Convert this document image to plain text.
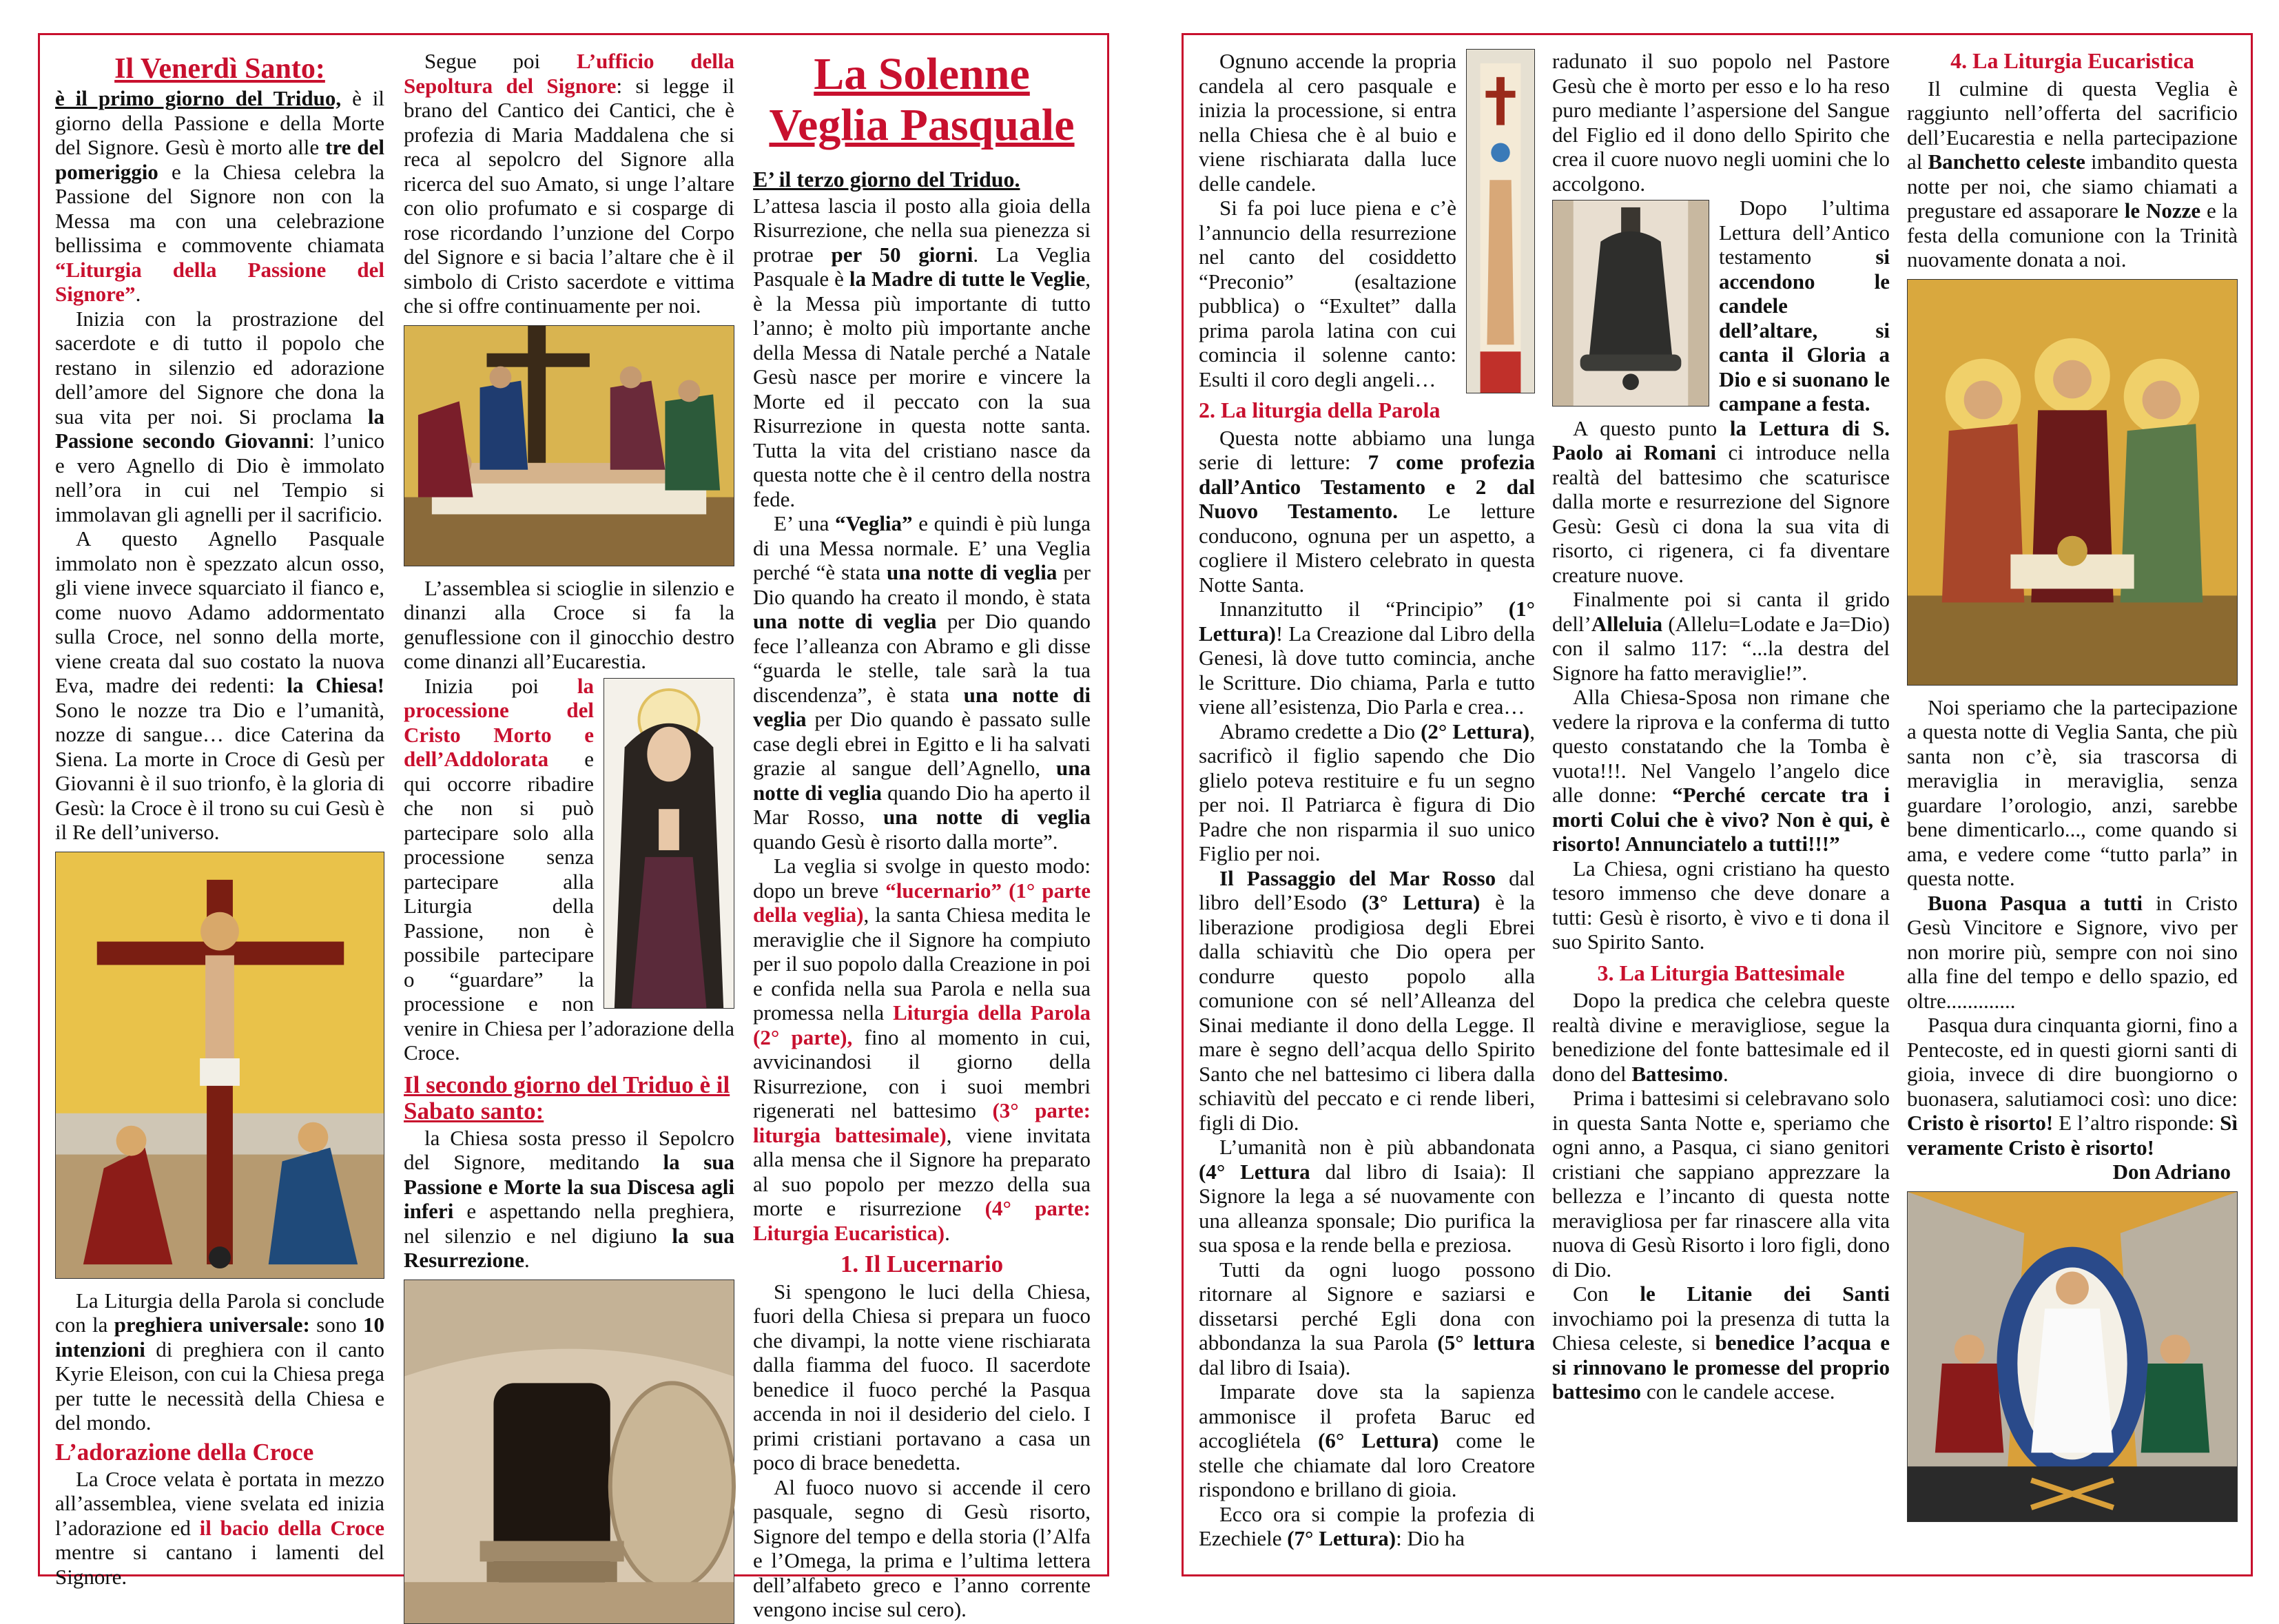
Il Venerdì Santo:

è il primo giorno del Triduo, è il giorno della Passione e della Morte del Signore. Gesù è morto alle tre del pomeriggio e la Chiesa celebra la Passione del Signore non con la Messa ma con una celebrazione bellissima e commovente chiamata “Liturgia della Passione del Signore”.

Inizia con la prostrazione del sacerdote e di tutto il popolo che restano in silenzio ed adorazione dell’amore del Signore che dona la sua vita per noi. Si proclama la Passione secondo Giovanni: l’unico e vero Agnello di Dio è immolato nell’ora in cui nel Tempio si immolavan gli agnelli per il sacrificio.

A questo Agnello Pasquale immolato non è spezzato alcun osso, gli viene invece squarciato il fianco e, come nuovo Adamo addormentato sulla Croce, nel sonno della morte, viene creata dal suo costato la nuova Eva, madre dei redenti: la Chiesa! Sono le nozze tra Dio e l’umanità, nozze di sangue… dice Caterina da Siena. La morte in Croce di Gesù per Giovanni è il suo trionfo, è la gloria di Gesù: la Croce è il trono su cui Gesù è il Re dell’universo.

La Liturgia della Parola si conclude con la preghiera universale: sono 10 intenzioni di preghiera con il canto Kyrie Eleison, con cui la Chiesa prega per tutte le necessità della Chiesa e del mondo.

L’adorazione della Croce

La Croce velata è portata in mezzo all’assemblea, viene svelata ed inizia l’adorazione ed il bacio della Croce mentre si cantano i lamenti del Signore.

Segue poi L’ufficio della Sepoltura del Signore: si legge il brano del Cantico dei Cantici, che è profezia di Maria Maddalena che si reca al sepolcro del Signore alla ricerca del suo Amato, si unge l’altare con olio profumato e si cosparge di rose ricordando l’unzione del Corpo del Signore e si bacia l’altare che è il simbolo di Cristo sacerdote e vittima che si offre continuamente per noi.

L’assemblea si scioglie in silenzio e dinanzi alla Croce si fa la genuflessione con il ginocchio destro come dinanzi all’Eucarestia.

Inizia poi la processione del Cristo Morto e dell’Addolorata e qui occorre ribadire che non si può partecipare solo alla processione senza partecipare alla Liturgia della Passione, non è possibile partecipare o “guardare” la processione e non venire in Chiesa per l’adorazione della Croce.

Il secondo giorno del Triduo è il Sabato santo:

la Chiesa sosta presso il Sepolcro del Signore, meditando la sua Passione e Morte la sua Discesa agli inferi e aspettando nella preghiera, nel silenzio e nel digiuno la sua Resurrezione.

La Solenne
Veglia Pasquale
E’ il terzo giorno del Triduo.

L’attesa lascia il posto alla gioia della Risurrezione, che nella sua pienezza si protrae per 50 giorni. La Veglia Pasquale è la Madre di tutte le Veglie, è la Messa più importante di tutto l’anno; è molto più importante anche della Messa di Natale perché a Natale Gesù nasce per morire e vincere la Morte ed il peccato con la sua Risurrezione in questa notte santa. Tutta la vita del cristiano nasce da questa notte che è il centro della nostra fede.

E’ una “Veglia” e quindi è più lunga di una Messa normale. E’ una Veglia perché “è stata una notte di veglia per Dio quando ha creato il mondo, è stata una notte di veglia per Dio quando fece l’alleanza con Abramo e gli disse “guarda le stelle, tale sarà la tua discendenza”, è stata una notte di veglia per Dio quando è passato sulle case degli ebrei in Egitto e li ha salvati grazie al sangue dell’Agnello, una notte di veglia quando Dio ha aperto il Mar Rosso, una notte di veglia quando Gesù è risorto dalla morte”.

La veglia si svolge in questo modo: dopo un breve “lucernario” (1° parte della veglia), la santa Chiesa medita le meraviglie che il Signore ha compiuto per il suo popolo dalla Creazione in poi e confida nella sua Parola e nella sua promessa nella Liturgia della Parola (2° parte), fino al momento in cui, avvicinandosi il giorno della Risurrezione, con i suoi membri rigenerati nel battesimo (3° parte: liturgia battesimale), viene invitata alla mensa che il Signore ha preparato al suo popolo per mezzo della sua morte e risurrezione (4° parte: Liturgia Eucaristica).

1. Il Lucernario

Si spengono le luci della Chiesa, fuori della Chiesa si prepara un fuoco che divampi, la notte viene rischiarata dalla fiamma del fuoco. Il sacerdote benedice il fuoco perché la Pasqua accenda in noi il desiderio del cielo. I primi cristiani portavano a casa un poco di brace benedetta.

Al fuoco nuovo si accende il cero pasquale, segno di Gesù risorto, Signore del tempo e della storia (l’Alfa e l’Omega, la prima e l’ultima lettera dell’alfabeto greco e l’anno corrente vengono incise sul cero).

Ognuno accende la propria candela al cero pasquale e inizia la processione, si entra nella Chiesa che è al buio e viene rischiarata dalla luce delle candele.

Si fa poi luce piena e c’è l’annuncio della resurrezione nel canto del cosiddetto “Preconio” (esaltazione pubblica) o “Exultet” dalla prima parola latina con cui comincia il solenne canto: Esulti il coro degli angeli…

2. La liturgia della Parola

Questa notte abbiamo una lunga serie di letture: 7 come profezia dall’Antico Testamento e 2 dal Nuovo Testamento. Le letture conducono, ognuna per un aspetto, a cogliere il Mistero celebrato in questa Notte Santa.

Innanzitutto il “Principio” (1° Lettura)! La Creazione dal Libro della Genesi, là dove tutto comincia, anche le Scritture. Dio chiama, Parla e tutto viene all’esistenza, Dio Parla e crea…

Abramo credette a Dio (2° Lettura), sacrificò il figlio sapendo che Dio glielo poteva restituire e fu un segno per noi. Il Patriarca è figura di Dio Padre che non risparmia il suo unico Figlio per noi.

Il Passaggio del Mar Rosso dal libro dell’Esodo (3° Lettura) è la liberazione prodigiosa degli Ebrei dalla schiavitù che Dio opera per condurre questo popolo alla comunione con sé nell’Alleanza del Sinai mediante il dono della Legge. Il mare è segno dell’acqua dello Spirito Santo che nel battesimo ci libera dalla schiavitù del peccato e ci rende liberi, figli di Dio.

L’umanità non è più abbandonata (4° Lettura dal libro di Isaia): Il Signore la lega a sé nuovamente con una alleanza sponsale; Dio purifica la sua sposa e la rende bella e preziosa.

Tutti da ogni luogo possono ritornare al Signore e saziarsi e dissetarsi perché Egli dona con abbondanza la sua Parola (5° lettura dal libro di Isaia).

Imparate dove sta la sapienza ammonisce il profeta Baruc ed accogliételа (6° Lettura) come le stelle che chiamate dal loro Creatore rispondono e brillano di gioia.

Ecco ora si compie la profezia di Ezechiele (7° Lettura): Dio ha

radunato il suo popolo nel Pastore Gesù che è morto per esso e lo ha reso puro mediante l’aspersione del Sangue del Figlio ed il dono dello Spirito che crea il cuore nuovo negli uomini che lo accolgono.

Dopo l’ultima Lettura dell’Antico testamento si accendono le candele dell’altare, si canta il Gloria a Dio e si suonano le campane a festa.

A questo punto la Lettura di S. Paolo ai Romani ci introduce nella realtà del battesimo che scaturisce dalla morte e resurrezione del Signore Gesù: Gesù ci dona la sua vita di risorto, ci rigenera, ci fa diventare creature nuove.

Finalmente poi si canta il grido dell’Alleluia (Allelu=Lodate e Ja=Dio) con il salmo 117: “...la destra del Signore ha fatto meraviglie!”.

Alla Chiesa-Sposa non rimane che vedere la riprova e la conferma di tutto questo constatando che la Tomba è vuota!!!. Nel Vangelo l’angelo dice alle donne: “Perché cercate tra i morti Colui che è vivo? Non è qui, è risorto! Annunciatelo a tutti!!!”

La Chiesa, ogni cristiano ha questo tesoro immenso che deve donare a tutti: Gesù è risorto, è vivo e ti dona il suo Spirito Santo.

3. La Liturgia Battesimale

Dopo la predica che celebra queste realtà divine e meravigliose, segue la benedizione del fonte battesimale ed il dono del Battesimo.

Prima i battesimi si celebravano solo in questa Santa Notte e, speriamo che ogni anno, a Pasqua, ci siano genitori cristiani che sappiano apprezzare la bellezza e l’incanto di questa notte meravigliosa per far rinascere alla vita nuova di Gesù Risorto i loro figli, dono di Dio.

Con le Litanie dei Santi invochiamo poi la presenza di tutta la Chiesa celeste, si benedice l’acqua e si rinnovano le promesse del proprio battesimo con le candele accese.

4. La Liturgia Eucaristica

Il culmine di questa Veglia è raggiunto nell’offerta del sacrificio dell’Eucarestia e nella partecipazione al Banchetto celeste imbandito questa notte per noi, che siamo chiamati a pregustare ed assaporare le Nozze e la festa della comunione con la Trinità nuovamente donata a noi.

Noi speriamo che la partecipazione a questa notte di Veglia Santa, che più santa non c’è, sia trascorsa di meraviglia in meraviglia, senza guardare l’orologio, anzi, sarebbe bene dimenticarlo..., come quando si ama, e vedere come “tutto parla” in questa notte.

Buona Pasqua a tutti in Cristo Gesù Vincitore e Signore, vivo per non morire più, sempre con noi sino alla fine del tempo e dello spazio, ed oltre.............

Pasqua dura cinquanta giorni, fino a Pentecoste, ed in questi giorni santi di gioia, invece di dire buongiorno o buonasera, salutiamoci così: uno dice: Cristo è risorto! E l’altro risponde: Sì veramente Cristo è risorto!

Don Adriano
